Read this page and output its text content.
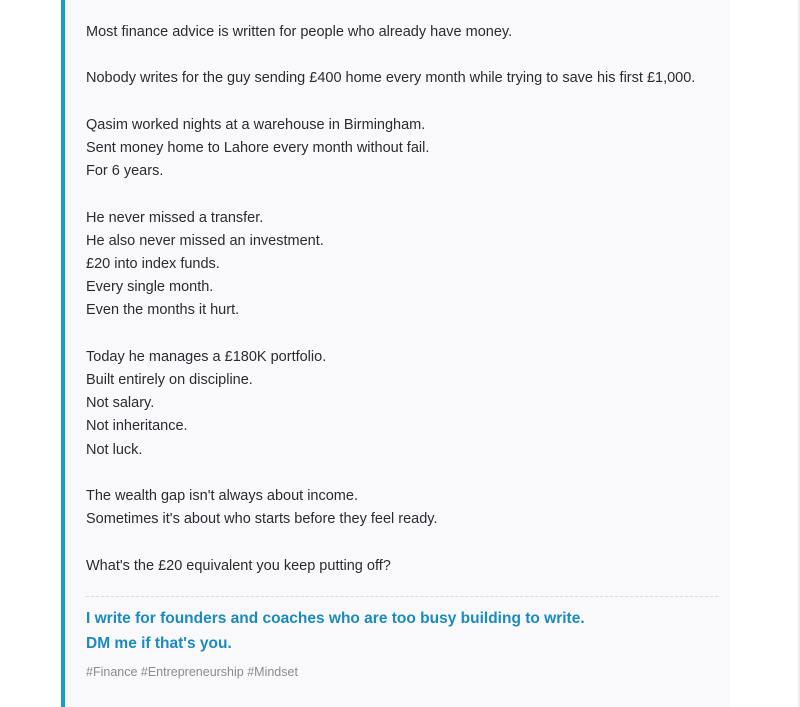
Most finance advice is written for people who already have money.

Nobody writes for the guy sending £400 home every month while trying to save his first £1,000.

Qasim worked nights at a warehouse in Birmingham.
Sent money home to Lahore every month without fail.
For 6 years.

He never missed a transfer.
He also never missed an investment.
£20 into index funds.
Every single month.
Even the months it hurt.

Today he manages a £180K portfolio.
Built entirely on discipline.
Not salary.
Not inheritance.
Not luck.

The wealth gap isn't always about income.
Sometimes it's about who starts before they feel ready.

What's the £20 equivalent you keep putting off?

I write for founders and coaches who are too busy building to write.
DM me if that's you.
#Finance #Entrepreneurship #Mindset
